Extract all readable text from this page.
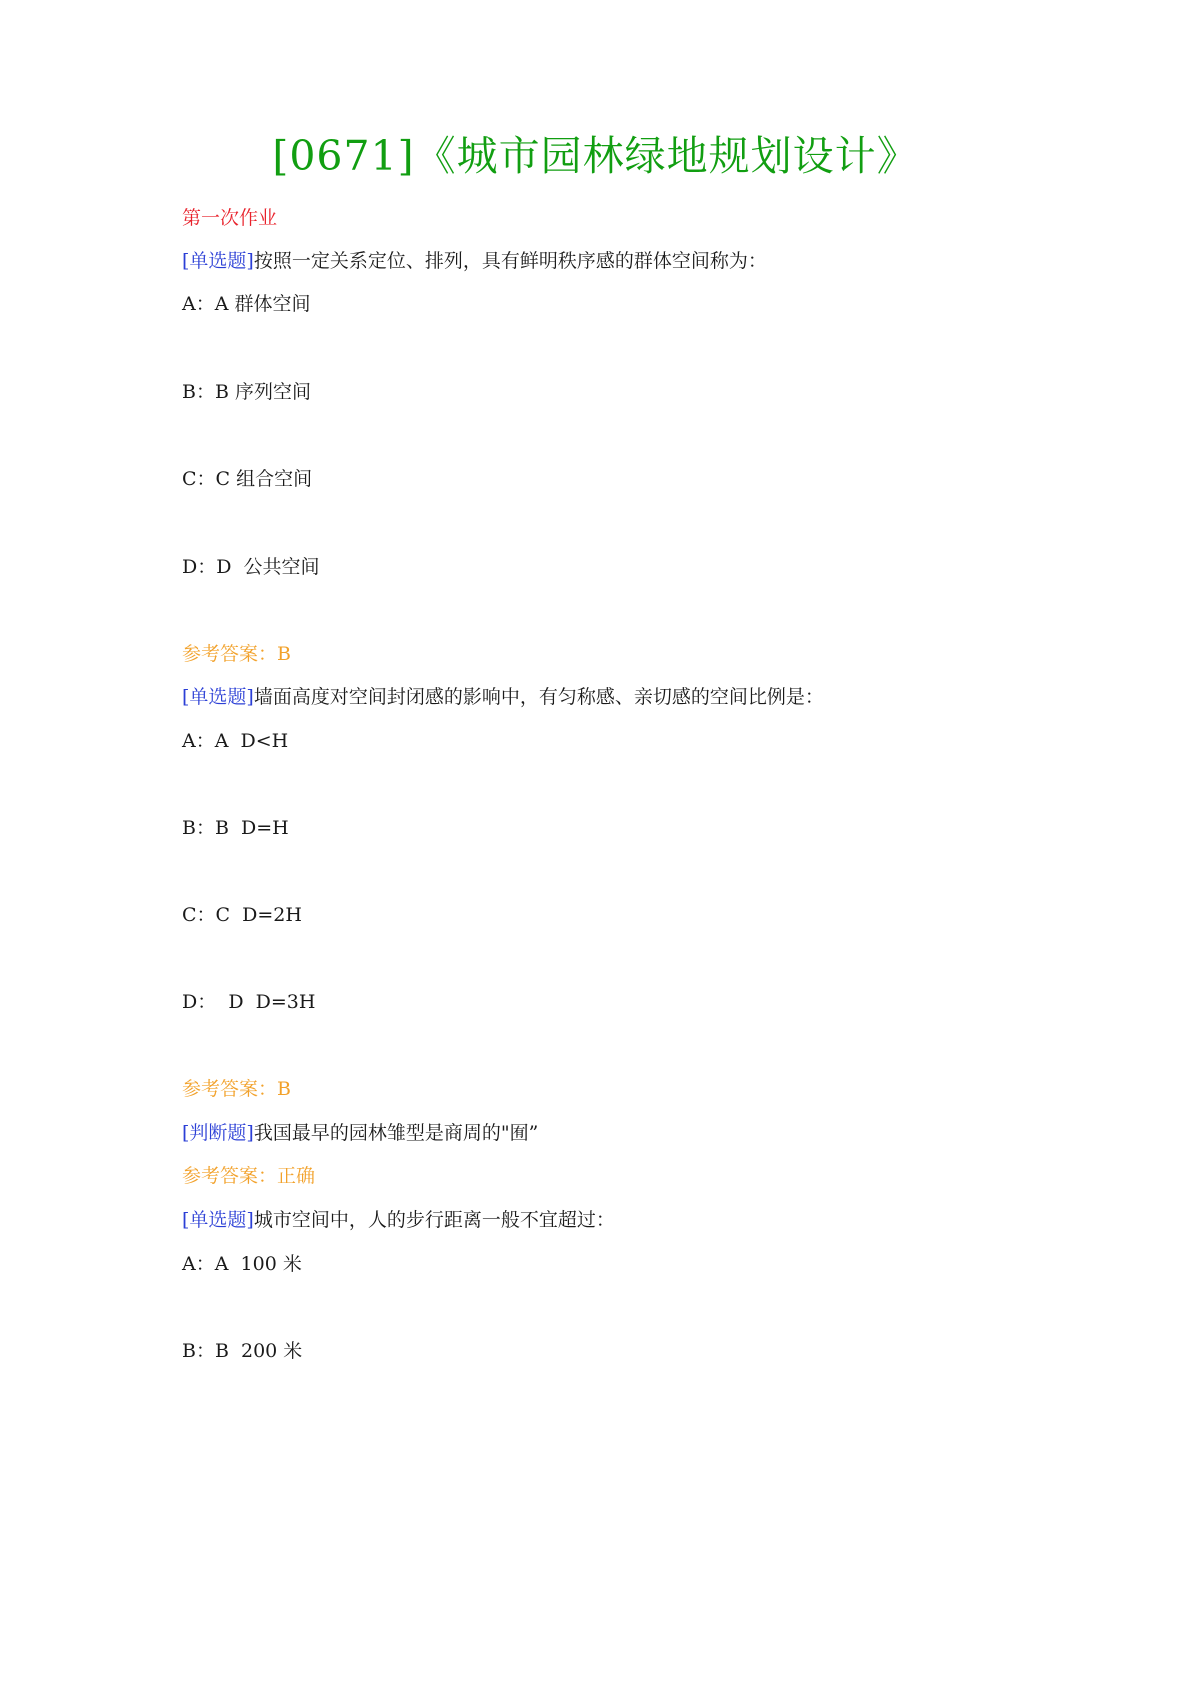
[0671]《城市园林绿地规划设计》
第一次作业
[单选题]按照一定关系定位、排列，具有鲜明秩序感的群体空间称为：
A：A 群体空间
B：B 序列空间
C：C 组合空间
D：D  公共空间
参考答案：B
[单选题]墙面高度对空间封闭感的影响中，有匀称感、亲切感的空间比例是：
A：A  D<H
B：B  D=H
C：C  D=2H
D：  D  D=3H
参考答案：B
[判断题]我国最早的园林雏型是商周的"囿”
参考答案：正确
[单选题]城市空间中，人的步行距离一般不宜超过：
A：A  100 米
B：B  200 米
